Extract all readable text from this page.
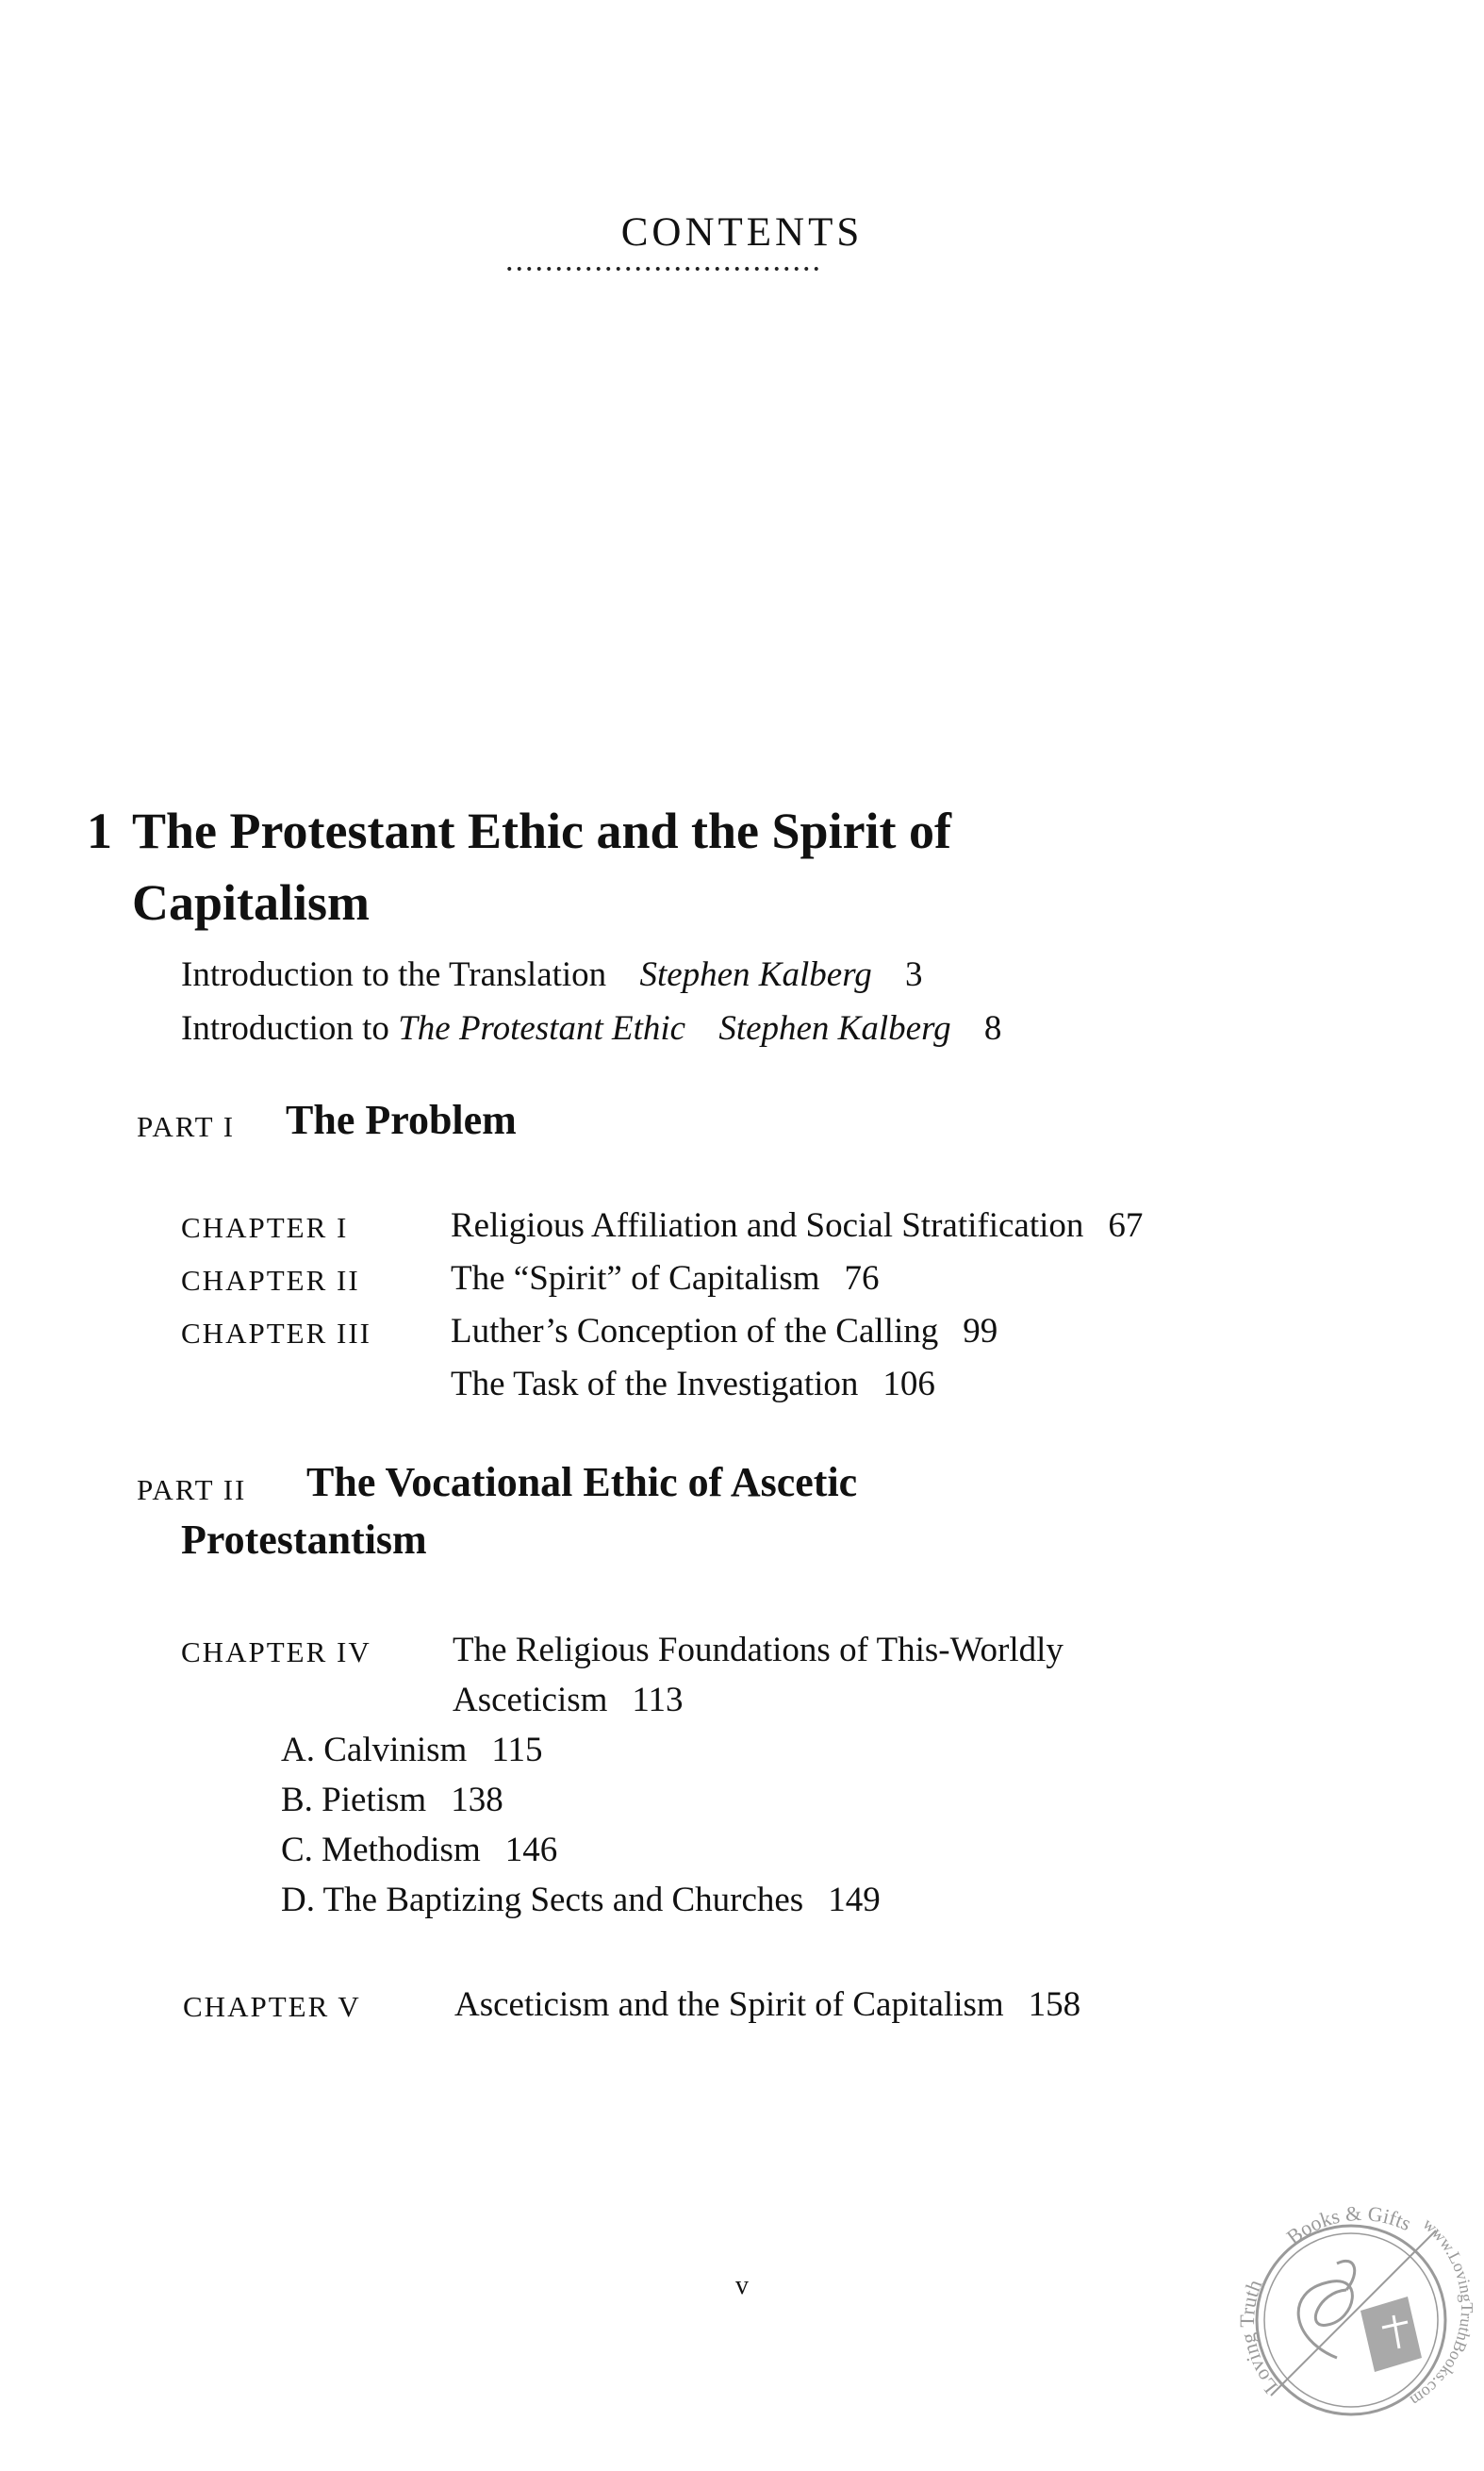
CONTENTS
1 The Protestant Ethic and the Spirit of
Capitalism
Introduction to the Translation Stephen Kalberg 3
Introduction to The Protestant Ethic Stephen Kalberg 8
PART I The Problem
CHAPTER I	Religious Affiliation and Social Stratification 67
CHAPTER II	The “Spirit” of Capitalism 76
CHAPTER III Luther’s Conception of the Calling 99
The Task of the Investigation 106
PART II The Vocational Ethic of Ascetic
Protestantism
CHAPTER IV The Religious Foundations of This-Worldly
Asceticism 113
A. Calvinism 115
B. Pietism 138
C. Methodism 146
D. The Baptizing Sects and Churches 149
CHAPTER V	Asceticism and the Spirit of Capitalism 158
v
Loving Truth
Books & Gifts www.LovingTruthBooks.com
